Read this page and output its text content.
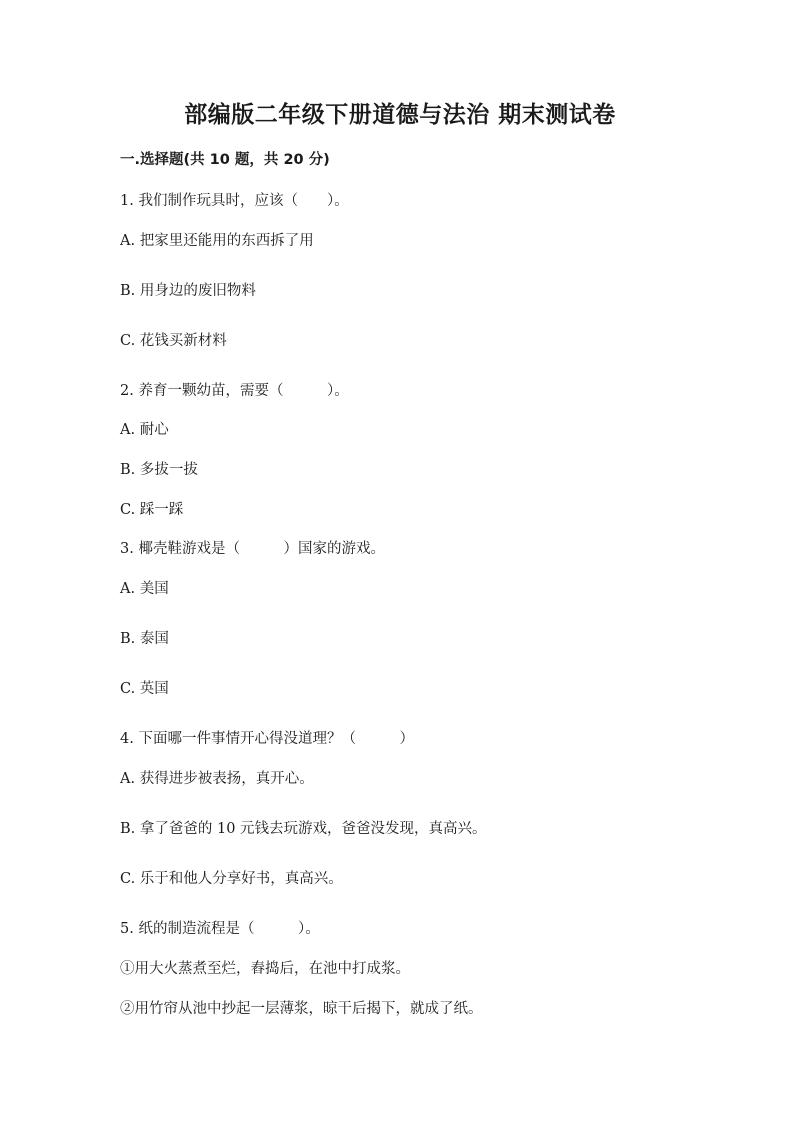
部编版二年级下册道德与法治 期末测试卷
一.选择题(共 10 题，共 20 分)
1. 我们制作玩具时，应该（　　）。
A. 把家里还能用的东西拆了用
B. 用身边的废旧物料
C. 花钱买新材料
2. 养育一颗幼苗，需要（　　　）。
A. 耐心
B. 多拔一拔
C. 踩一踩
3. 椰壳鞋游戏是（　　　）国家的游戏。
A. 美国
B. 泰国
C. 英国
4. 下面哪一件事情开心得没道理？（　　　）
A. 获得进步被表扬，真开心。
B. 拿了爸爸的 10 元钱去玩游戏，爸爸没发现，真高兴。
C. 乐于和他人分享好书，真高兴。
5. 纸的制造流程是（　　　）。
①用大火蒸煮至烂，舂捣后，在池中打成浆。
②用竹帘从池中抄起一层薄浆，晾干后揭下，就成了纸。
